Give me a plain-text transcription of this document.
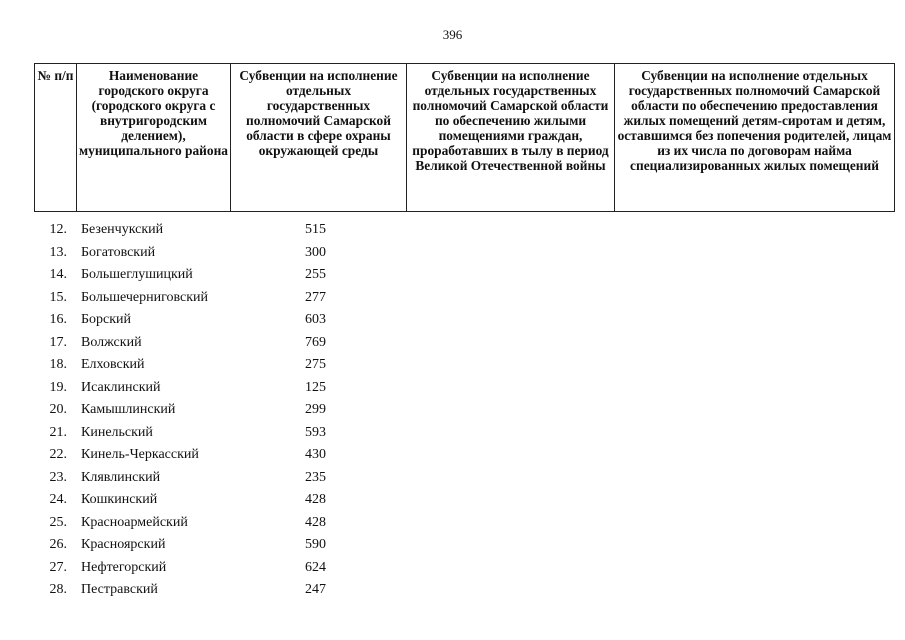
396
№ п/п	Наименование городского округа (городского округа с внутригородским делением), муниципального района	Субвенции на исполнение отдельных государственных полномочий Самарской области в сфере охраны окружающей среды	Субвенции на исполнение отдельных государственных полномочий Самарской области по обеспечению жилыми помещениями граждан, проработавших в тылу в период Великой Отечественной войны	Субвенции на исполнение отдельных государственных полномочий Самарской области по обеспечению предоставления жилых помещений детям-сиротам и детям, оставшимся без попечения родителей, лицам из их числа по договорам найма специализированных жилых помещений
12. Безенчукский	515
13. Богатовский	300
14. Большеглушицкий	255
15. Большечерниговский	277
16. Борский	603
17. Волжский	769
18. Елховский	275
19. Исаклинский	125
20. Камышлинский	299
21. Кинельский	593
22. Кинель-Черкасский	430
23. Клявлинский	235
24. Кошкинский	428
25. Красноармейский	428
26. Красноярский	590
27. Нефтегорский	624
28. Пестравский	247
